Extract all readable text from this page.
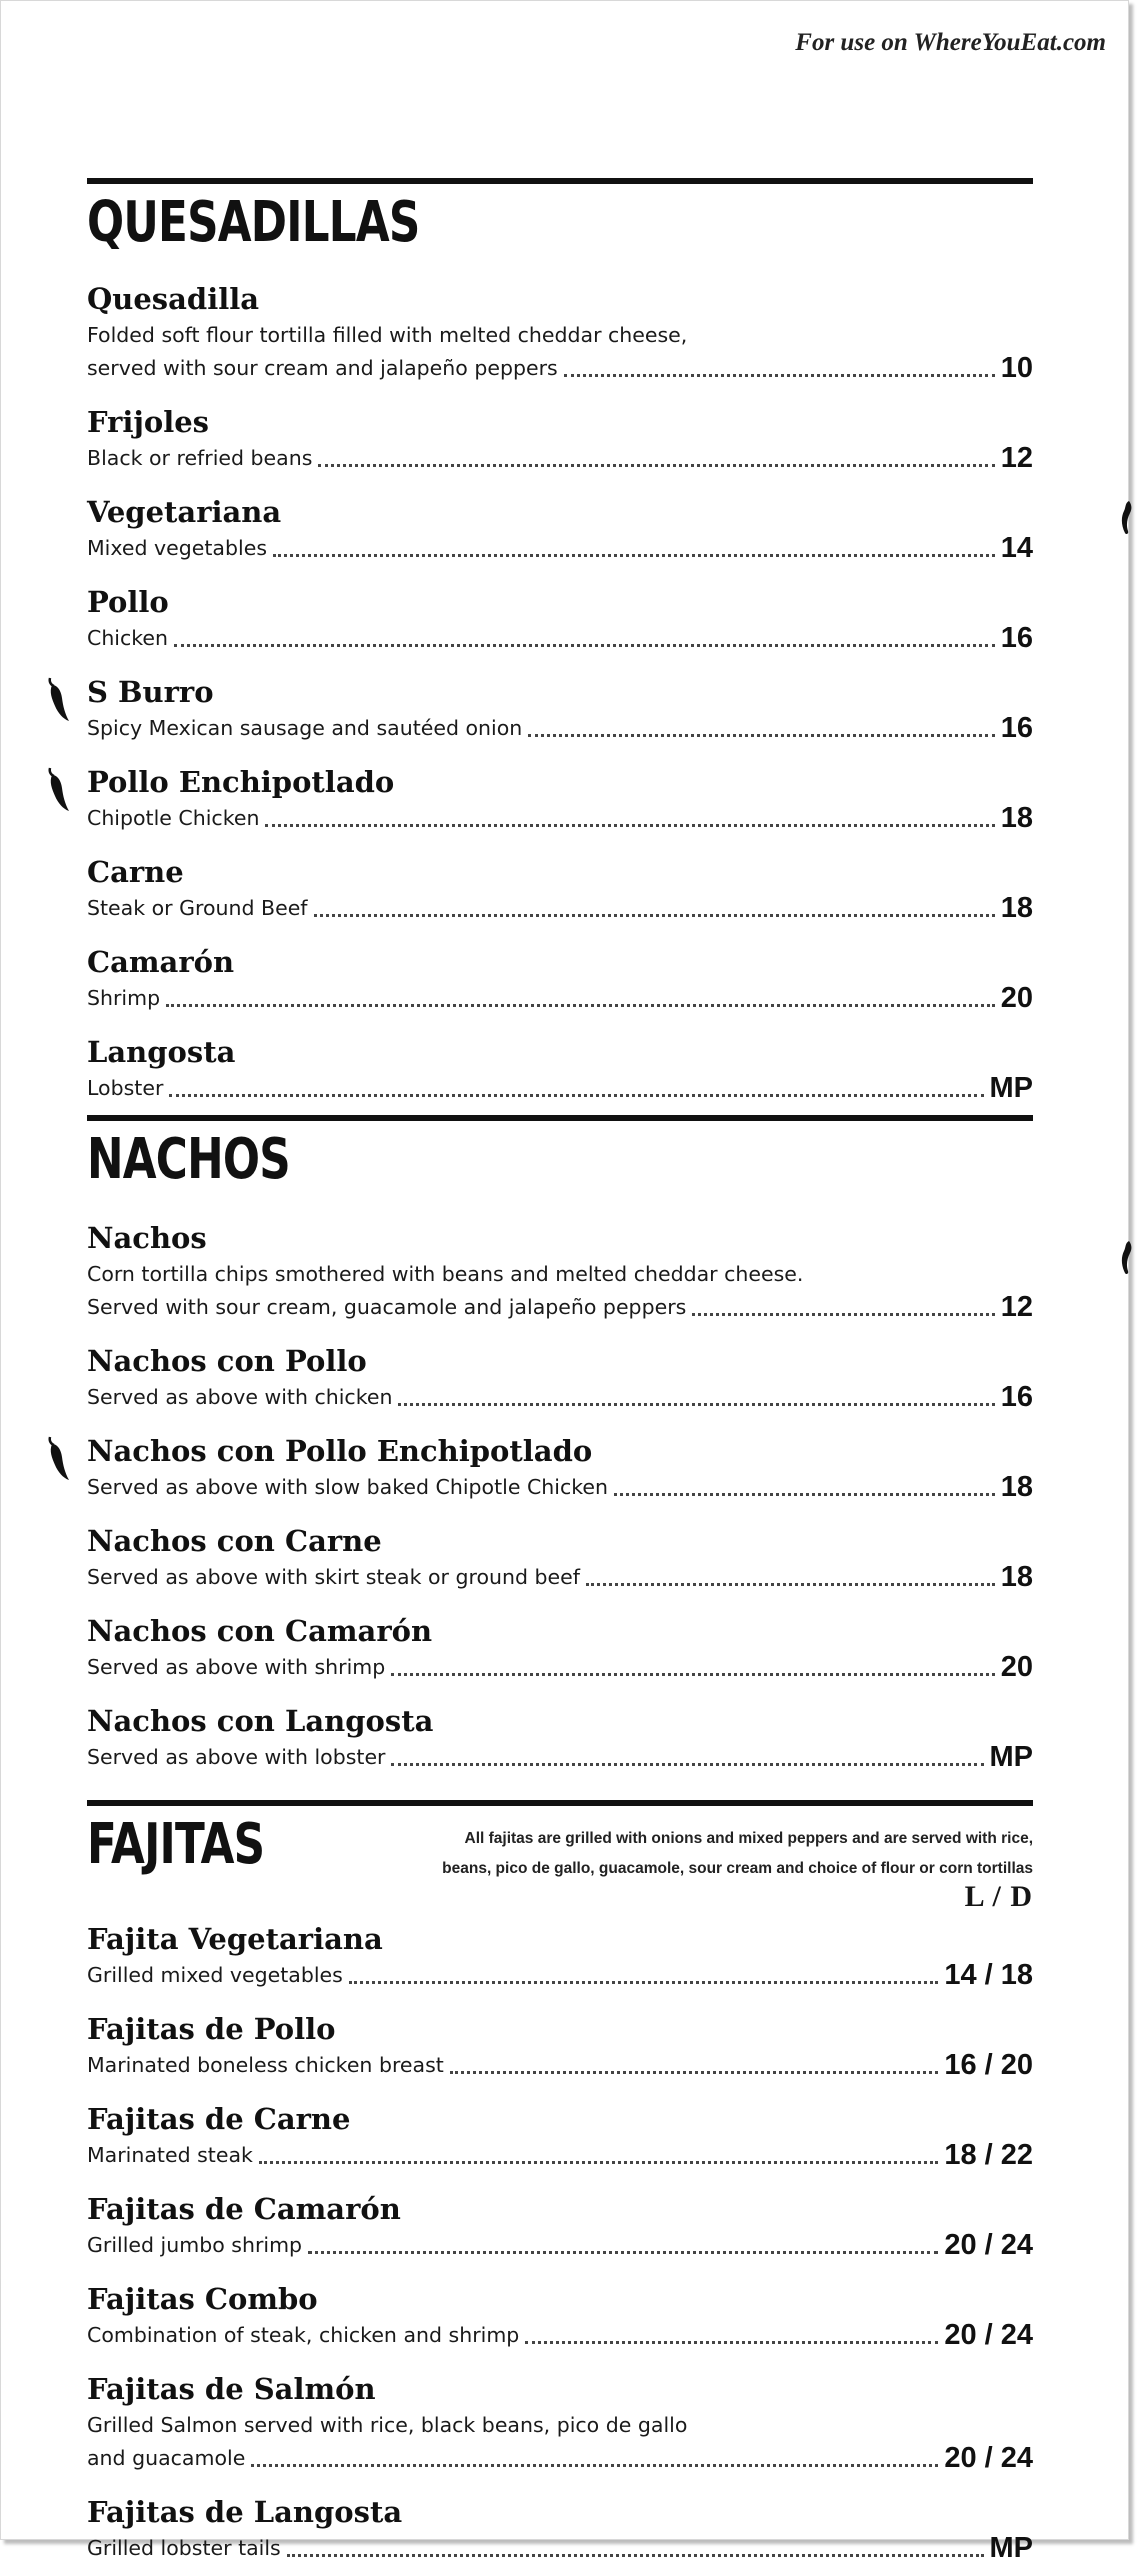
For use on WhereYouEat.com
QUESADILLAS
Quesadilla
Folded soft flour tortilla filled with melted cheddar cheese,
served with sour cream and jalapeño peppers	10
Frijoles
Black or refried beans	12
Vegetariana
Mixed vegetables	14
Pollo
Chicken	16
S Burro
Spicy Mexican sausage and sautéed onion	16
Pollo Enchipotlado
Chipotle Chicken	18
Carne
Steak or Ground Beef	18
Camarón
Shrimp	20
Langosta
Lobster	MP
NACHOS
Nachos
Corn tortilla chips smothered with beans and melted cheddar cheese.
Served with sour cream, guacamole and jalapeño peppers	12
Nachos con Pollo
Served as above with chicken	16
Nachos con Pollo Enchipotlado
Served as above with slow baked Chipotle Chicken	18
Nachos con Carne
Served as above with skirt steak or ground beef	18
Nachos con Camarón
Served as above with shrimp	20
Nachos con Langosta
Served as above with lobster	MP
FAJITAS	All fajitas are grilled with onions and mixed peppers and are served with rice,
beans, pico de gallo, guacamole, sour cream and choice of flour or corn tortillas
L / D
Fajita Vegetariana
Grilled mixed vegetables	14 / 18
Fajitas de Pollo
Marinated boneless chicken breast	16 / 20
Fajitas de Carne
Marinated steak	18 / 22
Fajitas de Camarón
Grilled jumbo shrimp	20 / 24
Fajitas Combo
Combination of steak, chicken and shrimp	20 / 24
Fajitas de Salmón
Grilled Salmon served with rice, black beans, pico de gallo
and guacamole	20 / 24
Fajitas de Langosta
Grilled lobster tails	MP
